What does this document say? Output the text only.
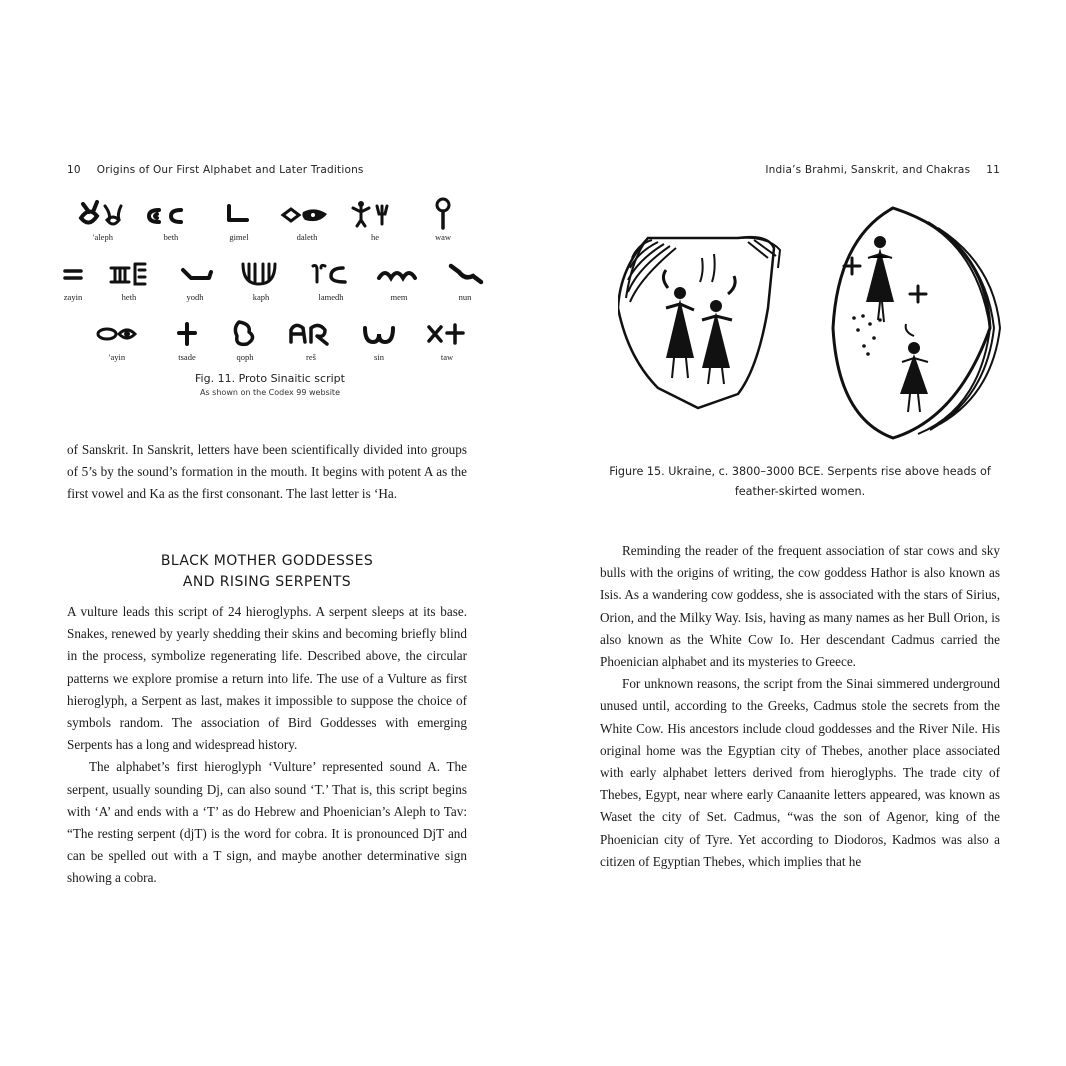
10 Origins of Our First Alphabet and Later Traditions
'aleph	beth	gimel	daleth	he	waw
zayin	heth	yodh	kaph	lamedh	mem	nun
'ayin	tsade	qoph	reš	sin	taw
Fig. 11. Proto Sinaitic script
As shown on the Codex 99 website

of Sanskrit. In Sanskrit, letters have been scientifically divided into groups of 5’s by the sound’s formation in the mouth. It begins with potent A as the first vowel and Ka as the first consonant. The last letter is ‘Ha.

BLACK MOTHER GODDESSES
AND RISING SERPENTS

A vulture leads this script of 24 hieroglyphs. A serpent sleeps at its base. Snakes, renewed by yearly shedding their skins and becoming briefly blind in the process, symbolize regenerating life. Described above, the circular patterns we explore promise a return into life. The use of a Vulture as first hieroglyph, a Serpent as last, makes it impossible to suppose the choice of symbols random. The association of Bird Goddesses with emerging Serpents has a long and widespread history.

The alphabet’s first hieroglyph ‘Vulture’ represented sound A. The serpent, usually sounding Dj, can also sound ‘T.’ That is, this script begins with ‘A’ and ends with a ‘T’ as do Hebrew and Phoenician’s Aleph to Tav: “The resting serpent (djT) is the word for cobra. It is pronounced DjT and can be spelled out with a T sign, and maybe another determinative sign showing a cobra.

India’s Brahmi, Sanskrit, and Chakras 11
Figure 15. Ukraine, c. 3800–3000 BCE. Serpents rise above heads of
feather-skirted women.

Reminding the reader of the frequent association of star cows and sky bulls with the origins of writing, the cow goddess Hathor is also known as Isis. As a wandering cow goddess, she is associated with the stars of Sirius, Orion, and the Milky Way. Isis, having as many names as her Bull Orion, is also known as the White Cow Io. Her descendant Cadmus carried the Phoenician alphabet and its mysteries to Greece.

For unknown reasons, the script from the Sinai simmered underground unused until, according to the Greeks, Cadmus stole the secrets from the White Cow. His ancestors include cloud goddesses and the River Nile. His original home was the Egyptian city of Thebes, another place associated with early alphabet letters derived from hieroglyphs. The trade city of Thebes, Egypt, near where early Canaanite letters appeared, was known as Waset the city of Set. Cadmus, “was the son of Agenor, king of the Phoenician city of Tyre. Yet according to Diodoros, Kadmos was also a citizen of Egyptian Thebes, which implies that he
